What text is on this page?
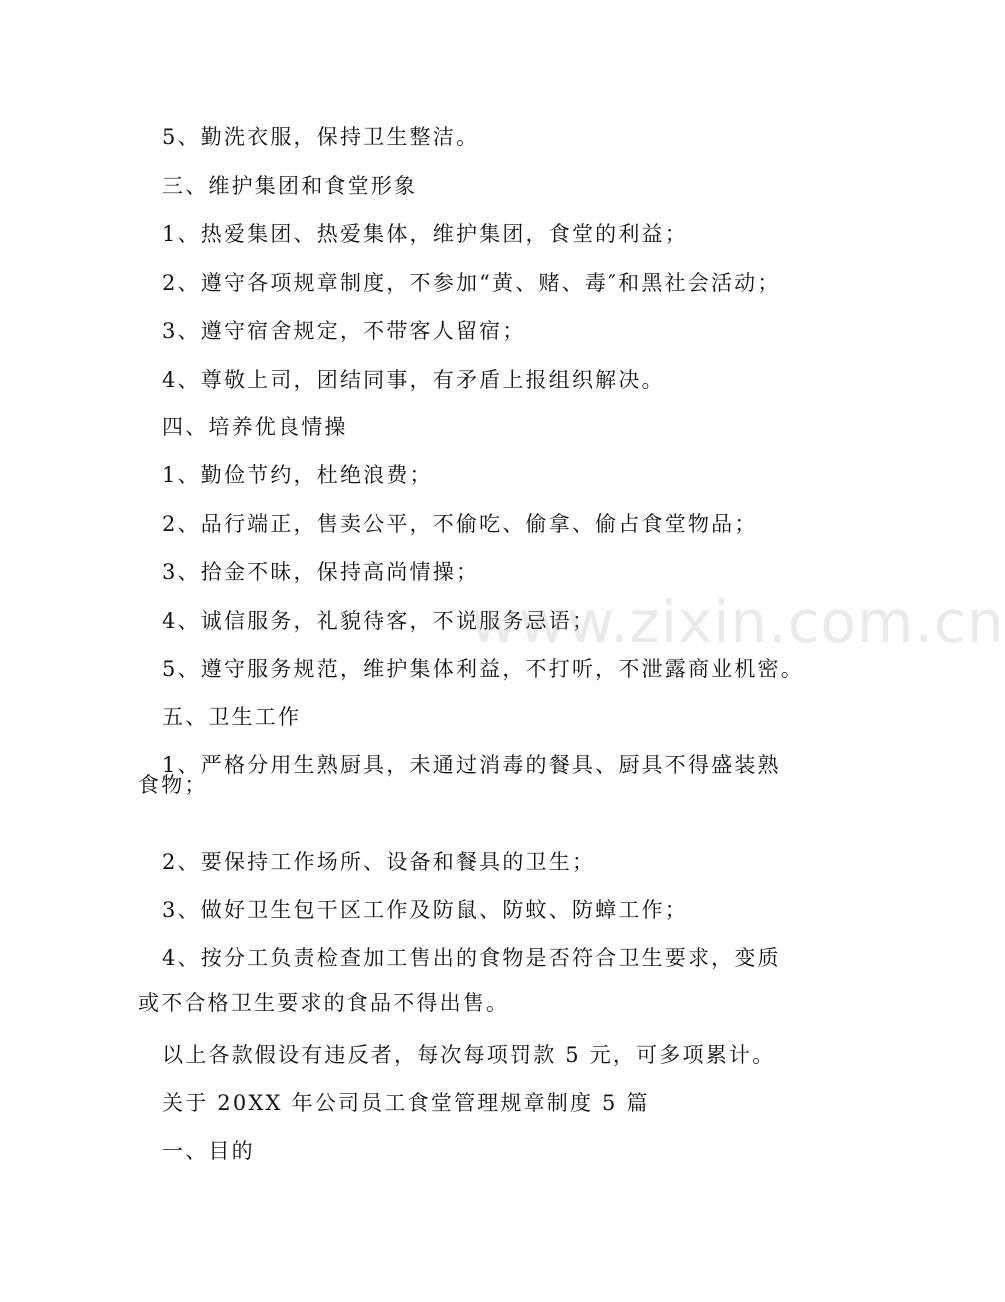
5、勤洗衣服，保持卫生整洁。
三、维护集团和食堂形象
1、热爱集团、热爱集体，维护集团，食堂的利益；
2、遵守各项规章制度，不参加“黄、赌、毒″和黑社会活动；
3、遵守宿舍规定，不带客人留宿；
4、尊敬上司，团结同事，有矛盾上报组织解决。
四、培养优良情操
1、勤俭节约，杜绝浪费；
2、品行端正，售卖公平，不偷吃、偷拿、偷占食堂物品；
3、拾金不昧，保持高尚情操；
4、诚信服务，礼貌待客，不说服务忌语；
5、遵守服务规范，维护集体利益，不打听，不泄露商业机密。
五、卫生工作
1、严格分用生熟厨具，未通过消毒的餐具、厨具不得盛装熟
食物；
2、要保持工作场所、设备和餐具的卫生；
3、做好卫生包干区工作及防鼠、防蚊、防蟑工作；
4、按分工负责检查加工售出的食物是否符合卫生要求，变质
或不合格卫生要求的食品不得出售。
以上各款假设有违反者，每次每项罚款 5 元，可多项累计。
关于 20XX 年公司员工食堂管理规章制度 5 篇
一、目的
www.zixin.com.cn
